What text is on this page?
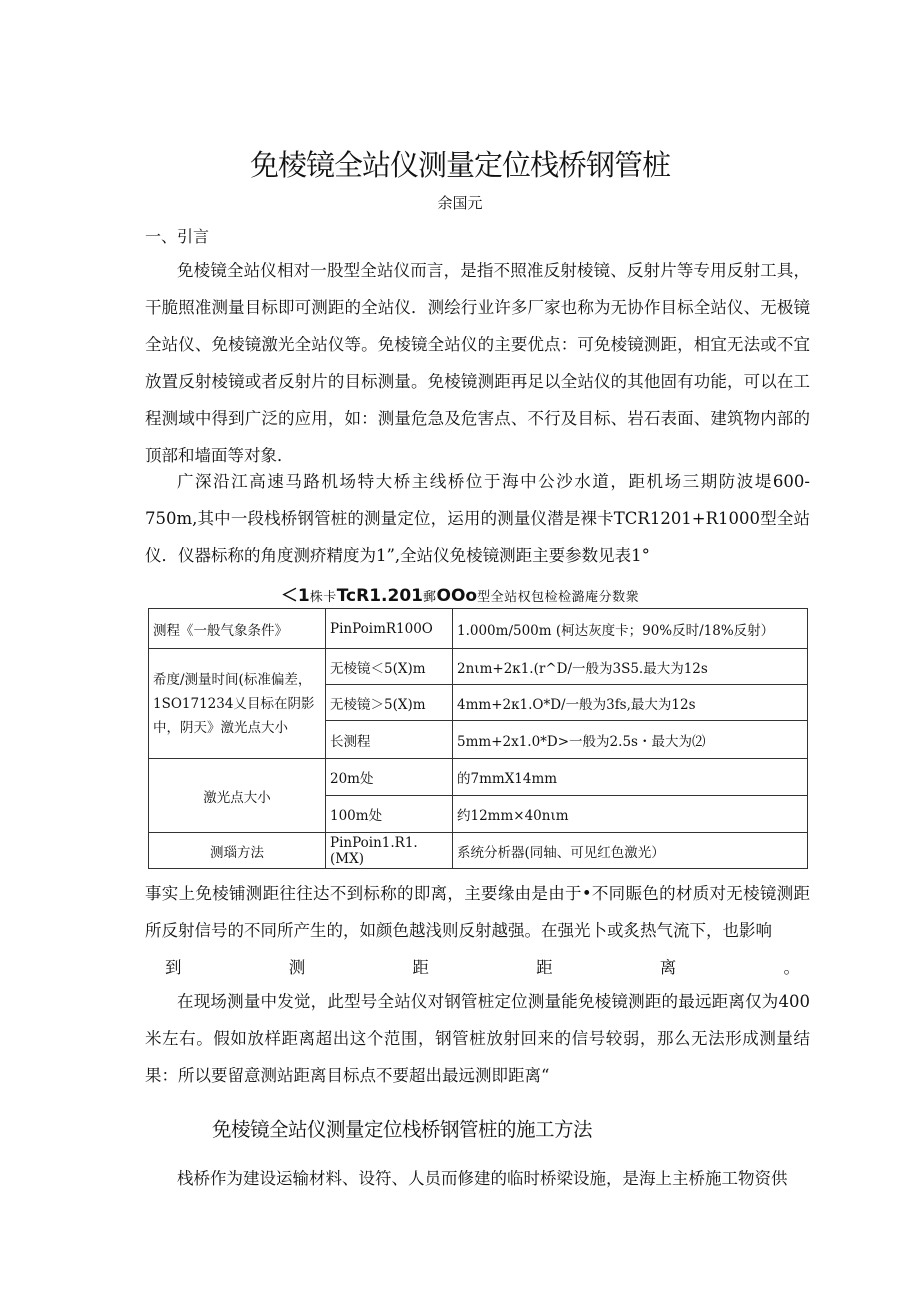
免棱镜全站仪测量定位栈桥钢管桩
余国元
一、引言
免棱镜全站仪相对一股型全站仪而言，是指不照准反射棱镜、反射片等专用反射工具，干脆照准测量目标即可测距的全站仪．测绘行业许多厂家也称为无协作目标全站仪、无极镜全站仪、免棱镜激光全站仪等。免棱镜全站仪的主要优点：可免棱镜测距，相宜无法或不宜放置反射棱镜或者反射片的目标测量。免棱镜测距再足以全站仪的其他固有功能，可以在工程测域中得到广泛的应用，如：测量危急及危害点、不行及目标、岩石表面、建筑物内部的顶部和墙面等对象．
广深沿江高速马路机场特大桥主线桥位于海中公沙水道，距机场三期防波堤600-750m,其中一段栈桥钢管桩的测量定位，运用的测量仪潜是裸卡TCR1201+R1000型全站仪．仪器标称的角度测疥精度为1”,全站仪免棱镜测距主要参数见表1°
＜1株卡TcR1.201郵OOo型全站权包检检潞庵分数衆
测程《一般气象条件》	PinPoimR100O	1.000m∕500m (柯达灰度卡；90%反时/18%反射）
希度/测量时间(标准偏差，1SO171234乂目标在阴影中，阴天》激光点大小	无棱镜＜5(X)m	2nιm+2κ1.(r^D/一般为3S5.最大为12s
	无棱镜＞5(X)m	4mm+2κ1.O*D/一般为3fs,最大为12s
	长测程	5mm+2x1.0*D>一般为2.5s・最大为⑵
激光点大小	20m处	的7mmX14mm
	100m处	约12mm×40nιm
测瑙方法	PinPoin1.R1.(MX)	系统分析器(同轴、可见红色激光）
事实上免棱铺测距往往达不到标称的即离，主要缘由是由于•不同賑色的材质对无棱镜测距所反射信号的不同所产生的，如颜色越浅则反射越强。在强光卜或炙热气流下，也影响
到	测	距	距	离	。
在现场测量中发觉，此型号全站仪对钢管桩定位测量能免棱镜测距的最远距离仅为400米左右。假如放样距离超出这个范围，钢管桩放射回来的信号较弱，那么无法形成测量结果：所以要留意测站距离目标点不要超出最远测即距离“
免棱镜全站仪测量定位栈桥钢管桩的施工方法
栈桥作为建设运输材料、设符、人员而修建的临时桥梁设施，是海上主桥施工物资供
